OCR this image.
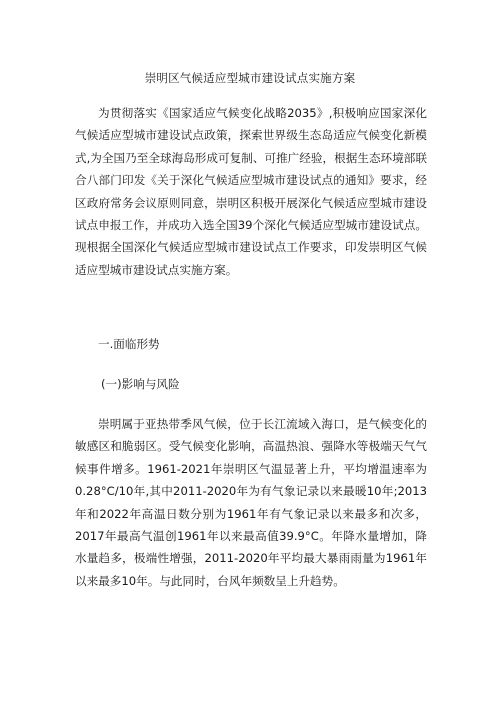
崇明区气候适应型城市建设试点实施方案

为贯彻落实《国家适应气候变化战略2035》,积极响应国家深化气候适应型城市建设试点政策，探索世界级生态岛适应气候变化新模式,为全国乃至全球海岛形成可复制、可推广经验，根据生态环境部联合八部门印发《关于深化气候适应型城市建设试点的通知》要求，经区政府常务会议原则同意，崇明区积极开展深化气候适应型城市建设试点申报工作，并成功入选全国39个深化气候适应型城市建设试点。现根据全国深化气候适应型城市建设试点工作要求，印发崇明区气候适应型城市建设试点实施方案。

一.面临形势
(一)影响与风险

崇明属于亚热带季风气候，位于长江流域入海口，是气候变化的敏感区和脆弱区。受气候变化影响，高温热浪、强降水等极端天气气候事件增多。1961-2021年崇明区气温显著上升，平均增温速率为0.28°C/10年,其中2011-2020年为有气象记录以来最暖10年;2013年和2022年高温日数分别为1961年有气象记录以来最多和次多，2017年最高气温创1961年以来最高值39.9°C。年降水量增加，降水量趋多，极端性增强，2011-2020年平均最大暴雨雨量为1961年以来最多10年。与此同时，台风年频数呈上升趋势。
